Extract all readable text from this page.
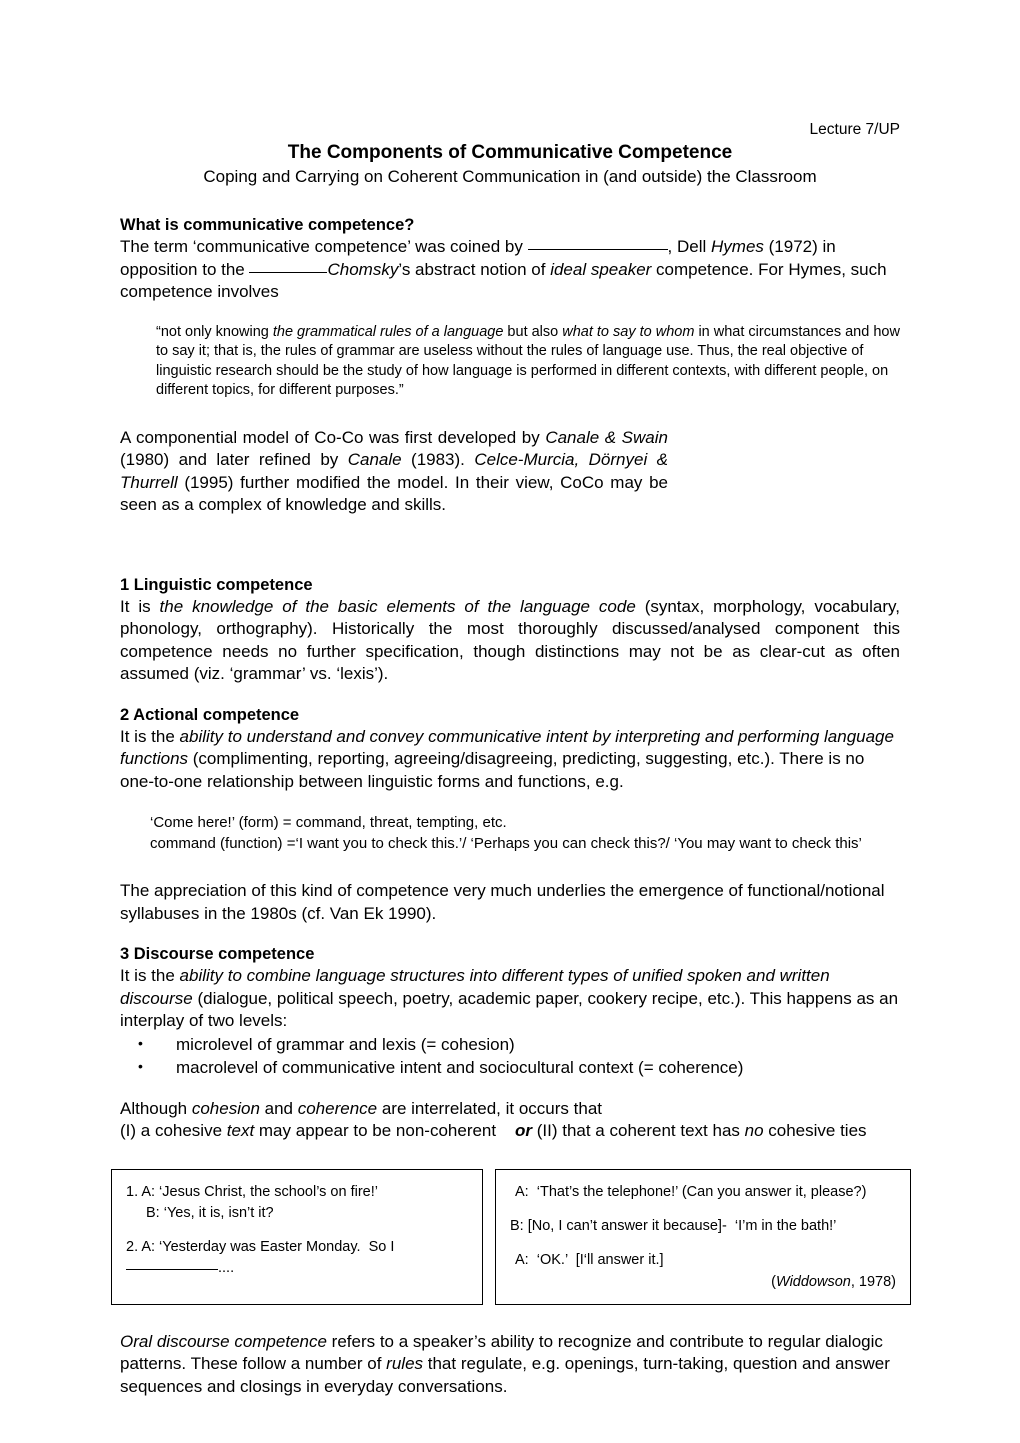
Lecture 7/UP
The Components of Communicative Competence
Coping and Carrying on Coherent Communication in (and outside) the Classroom
What is communicative competence?

The term ‘communicative competence’ was coined by	, Dell Hymes (1972) in opposition to the	Chomsky’s abstract notion of ideal speaker competence. For Hymes, such competence involves

“not only knowing the grammatical rules of a language but also what to say to whom in what circumstances and how to say it; that is, the rules of grammar are useless without the rules of language use. Thus, the real objective of linguistic research should be the study of how language is performed in different contexts, with different people, on different topics, for different purposes.”

A componential model of Co-Co was first developed by Canale & Swain (1980) and later refined by Canale (1983). Celce-Murcia, Dörnyei & Thurrell (1995) further modified the model. In their view, CoCo may be seen as a complex of knowledge and skills.

1 Linguistic competence

It is the knowledge of the basic elements of the language code (syntax, morphology, vocabulary, phonology, orthography). Historically the most thoroughly discussed/analysed component this competence needs no further specification, though distinctions may not be as clear-cut as often assumed (viz. ‘grammar’ vs. ‘lexis’).

2 Actional competence

It is the ability to understand and convey communicative intent by interpreting and performing language functions (complimenting, reporting, agreeing/disagreeing, predicting, suggesting, etc.). There is no one-to-one relationship between linguistic forms and functions, e.g.

‘Come here!’ (form) = command, threat, tempting, etc.
command (function) =‘I want you to check this.’/ ‘Perhaps you can check this?/ ‘You may want to check this’

The appreciation of this kind of competence very much underlies the emergence of functional/notional syllabuses in the 1980s (cf. Van Ek 1990).

3 Discourse competence

It is the ability to combine language structures into different types of unified spoken and written discourse (dialogue, political speech, poetry, academic paper, cookery recipe, etc.). This happens as an interplay of two levels:

• microlevel of grammar and lexis (= cohesion)
• macrolevel of communicative intent and sociocultural context (= coherence)

Although cohesion and coherence are interrelated, it occurs that

(I) a cohesive text may appear to be non-coherent or (II) that a coherent text has no cohesive ties

1. A: ‘Jesus Christ, the school’s on fire!’

B: ‘Yes, it is, isn’t it?

2. A: ‘Yesterday was Easter Monday.  So I ....

A:  ‘That’s the telephone!’ (Can you answer it, please?)

B: [No, I can’t answer it because]-  ‘I’m in the bath!’

A:  ‘OK.’  [I‘ll answer it.]

(Widdowson, 1978)

Oral discourse competence refers to a speaker’s ability to recognize and contribute to regular dialogic patterns. These follow a number of rules that regulate, e.g. openings, turn-taking, question and answer sequences and closings in everyday conversations.
